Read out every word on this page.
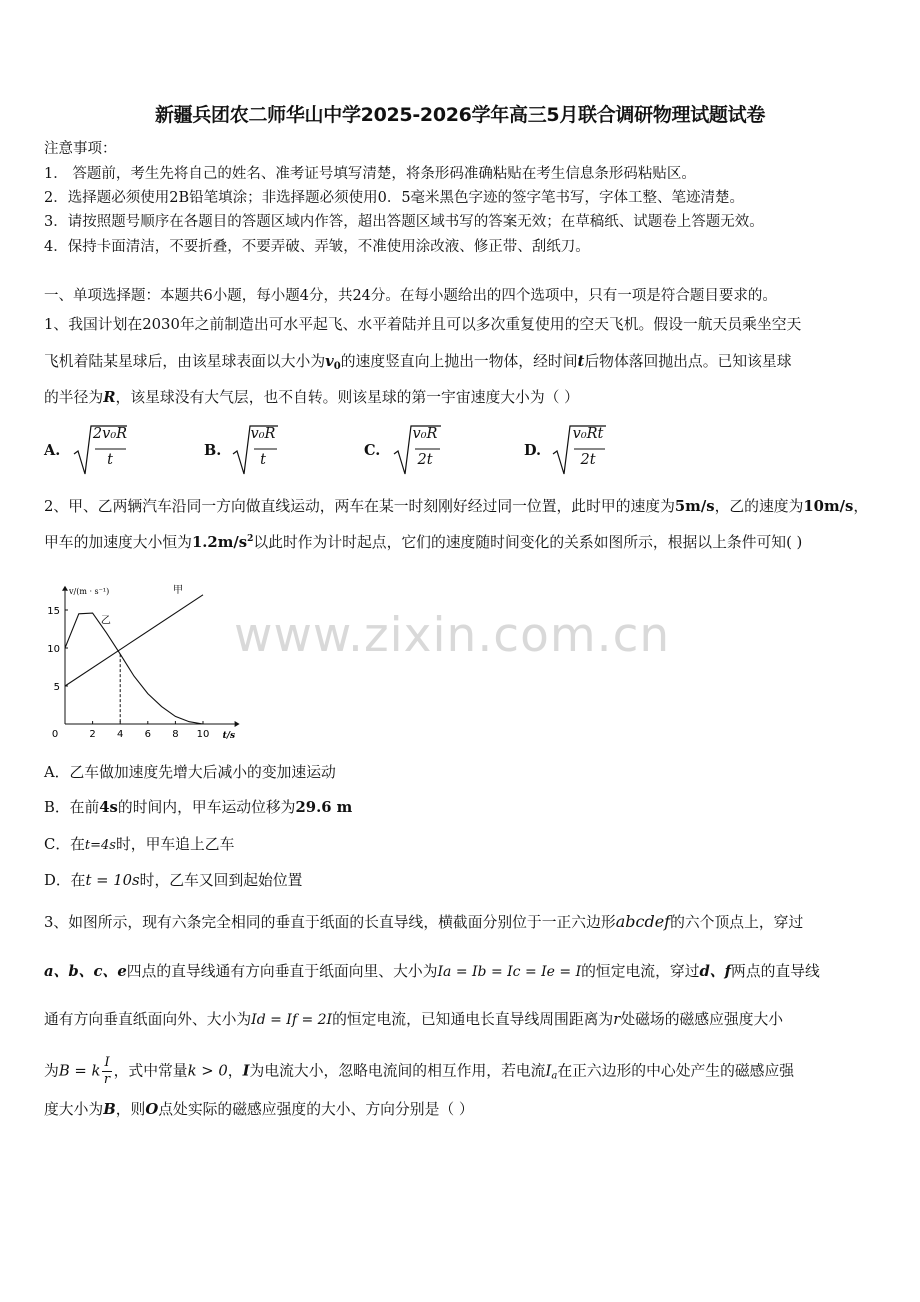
新疆兵团农二师华山中学2025-2026学年高三5月联合调研物理试题试卷
注意事项：
1． 答题前，考生先将自己的姓名、准考证号填写清楚，将条形码准确粘贴在考生信息条形码粘贴区。
2．选择题必须使用2B铅笔填涂；非选择题必须使用0．5毫米黑色字迹的签字笔书写，字体工整、笔迹清楚。
3．请按照题号顺序在各题目的答题区域内作答，超出答题区域书写的答案无效；在草稿纸、试题卷上答题无效。
4．保持卡面清洁，不要折叠，不要弄破、弄皱，不准使用涂改液、修正带、刮纸刀。
一、单项选择题：本题共6小题，每小题4分，共24分。在每小题给出的四个选项中，只有一项是符合题目要求的。
1、我国计划在2030年之前制造出可水平起飞、水平着陆并且可以多次重复使用的空天飞机。假设一航天员乘坐空天
飞机着陆某星球后，由该星球表面以大小为$v_0$的速度竖直向上抛出一物体，经时间t后物体落回抛出点。已知该星球
的半径为R，该星球没有大气层，也不自转。则该星球的第一宇宙速度大小为（ ）
A.
2v₀R
t
B.
v₀R
t
C.
v₀R
2t
D.
v₀Rt
2t
2、甲、乙两辆汽车沿同一方向做直线运动，两车在某一时刻刚好经过同一位置，此时甲的速度为5m/s，乙的速度为10m/s，
甲车的加速度大小恒为$1.2m/s^2$以此时作为计时起点，它们的速度随时间变化的关系如图所示，根据以上条件可知( )
0	2 4 6 8 10
5
10
15
t/s
v/(m · s⁻¹)	甲
乙	www.zixin.com.cn
A．乙车做加速度先增大后减小的变加速运动
B．在前4s的时间内，甲车运动位移为29.6 m
C．在t=4s时，甲车追上乙车
D．在t = 10s时，乙车又回到起始位置
3、如图所示，现有六条完全相同的垂直于纸面的长直导线，横截面分别位于一正六边形abcdef的六个顶点上，穿过
a、b、c、e四点的直导线通有方向垂直于纸面向里、大小为Ia = Ib = Ic = Ie = I的恒定电流，穿过d、f两点的直导线
通有方向垂直纸面向外、大小为Id = If = 2I的恒定电流，已知通电长直导线周围距离为r处磁场的磁感应强度大小
为B = k $\frac{I}{r}$ ，式中常量k > 0，I为电流大小，忽略电流间的相互作用，若电流$I_a$在正六边形的中心处产生的磁感应强
度大小为B，则O点处实际的磁感应强度的大小、方向分别是（ ）
